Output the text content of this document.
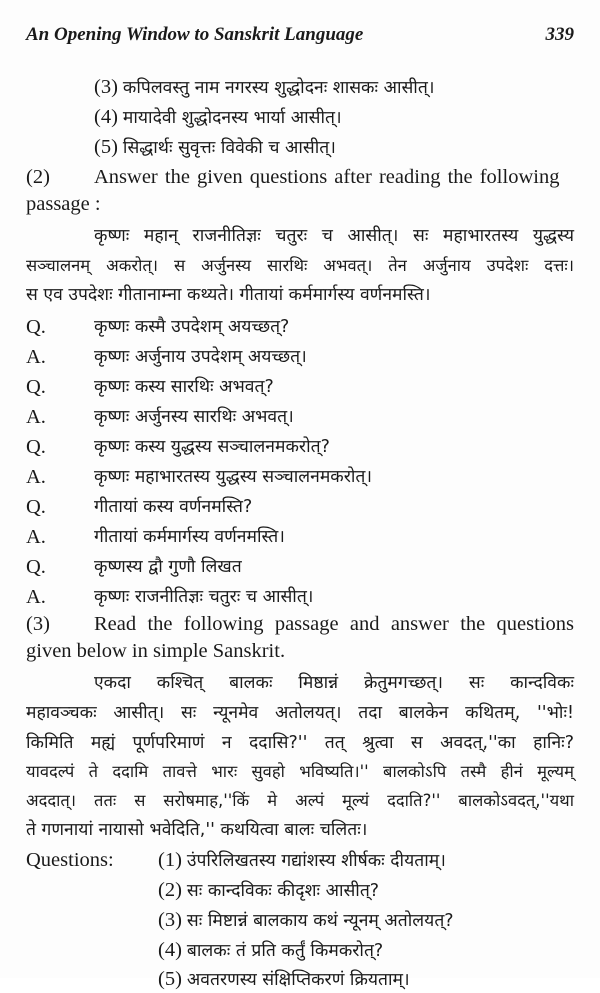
An Opening Window to Sanskrit Language	339
(3) कपिलवस्तु नाम नगरस्य शुद्धोदनः शासकः आसीत्।
(4) मायादेवी शुद्धोदनस्य भार्या आसीत्।
(5) सिद्धार्थः सुवृत्तः विवेकी च आसीत्।
(2) Answer the given questions after reading the following
passage :
कृष्णः महान् राजनीतिज्ञः चतुरः च आसीत्। सः महाभारतस्य युद्धस्य
सञ्चालनम् अकरोत्। स अर्जुनस्य सारथिः अभवत्। तेन अर्जुनाय उपदेशः दत्तः।
स एव उपदेशः गीतानाम्ना कथ्यते। गीतायां कर्ममार्गस्य वर्णनमस्ति।
Q.	कृष्णः कस्मै उपदेशम् अयच्छत्?
A.	कृष्णः अर्जुनाय उपदेशम् अयच्छत्।
Q.	कृष्णः कस्य सारथिः अभवत्?
A.	कृष्णः अर्जुनस्य सारथिः अभवत्।
Q.	कृष्णः कस्य युद्धस्य सञ्चालनमकरोत्?
A.	कृष्णः महाभारतस्य युद्धस्य सञ्चालनमकरोत्।
Q.	गीतायां कस्य वर्णनमस्ति?
A.	गीतायां कर्ममार्गस्य वर्णनमस्ति।
Q.	कृष्णस्य द्वौ गुणौ लिखत
A.	कृष्णः राजनीतिज्ञः चतुरः च आसीत्।
(3) Read the following passage and answer the questions
given below in simple Sanskrit.
एकदा कश्चित् बालकः मिष्ठान्नं क्रेतुमगच्छत्। सः कान्दविकः
महावञ्चकः आसीत्। सः न्यूनमेव अतोलयत्। तदा बालकेन कथितम्, ''भोः!
किमिति मह्यं पूर्णपरिमाणं न ददासि?'' तत् श्रुत्वा स अवदत्,''का हानिः?
यावदल्पं ते ददामि तावत्ते भारः सुवहो भविष्यति।'' बालकोऽपि तस्मै हीनं मूल्यम्
अददात्। ततः स सरोषमाह,''किं मे अल्पं मूल्यं ददाति?'' बालकोऽवदत्,''यथा
ते गणनायां नायासो भवेदिति,'' कथयित्वा बालः चलितः।
Questions: (1) उंपरिलिखतस्य गद्यांशस्य शीर्षकः दीयताम्।
(2) सः कान्दविकः कीदृशः आसीत्?
(3) सः मिष्टान्नं बालकाय कथं न्यूनम् अतोलयत्?
(4) बालकः तं प्रति कर्तुं किमकरोत्?
(5) अवतरणस्य संक्षिप्तिकरणं क्रियताम्।
